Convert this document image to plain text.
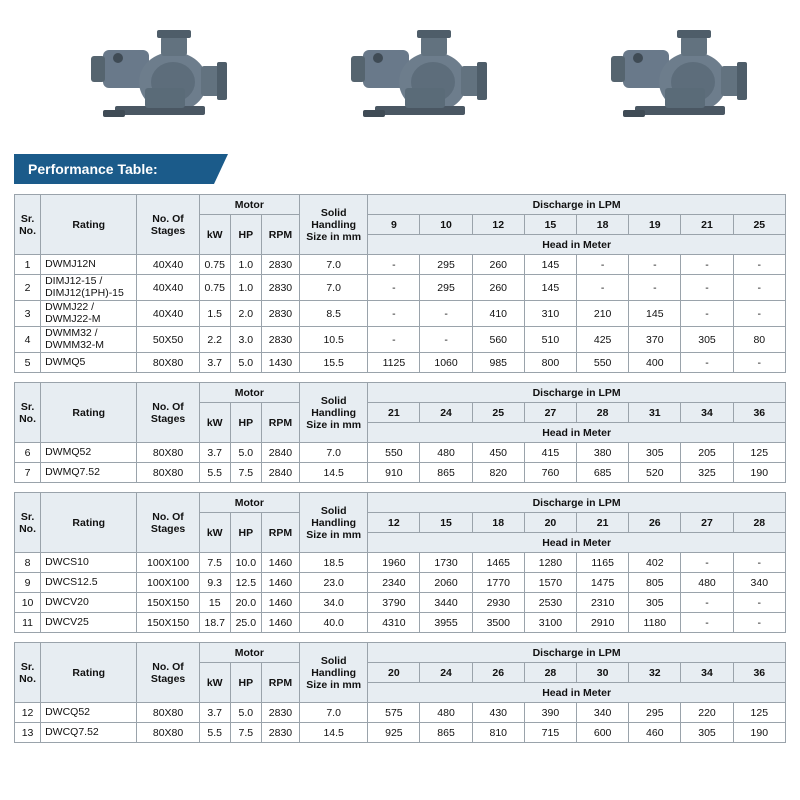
Performance Table:
Sr.
No.	Rating	No. Of
Stages	Motor			Solid
Handling
Size in mm	Discharge in LPM							
			kW	HP	RPM		9	10	12	15	18	19	21	25
							Head in Meter							
1	DWMJ12N	40X40	0.75	1.0	2830	7.0	-	295	260	145	-	-	-	-
2	DIMJ12-15 / DIMJ12(1PH)-15	40X40	0.75	1.0	2830	7.0	-	295	260	145	-	-	-	-
3	DWMJ22 / DWMJ22-M	40X40	1.5	2.0	2830	8.5	-	-	410	310	210	145	-	-
4	DWMM32 / DWMM32-M	50X50	2.2	3.0	2830	10.5	-	-	560	510	425	370	305	80
5	DWMQ5	80X80	3.7	5.0	1430	15.5	1125	1060	985	800	550	400	-	-
Sr.
No.	Rating	No. Of
Stages	Motor			Solid
Handling
Size in mm	Discharge in LPM							
			kW	HP	RPM		21	24	25	27	28	31	34	36
							Head in Meter							
6	DWMQ52	80X80	3.7	5.0	2840	7.0	550	480	450	415	380	305	205	125
7	DWMQ7.52	80X80	5.5	7.5	2840	14.5	910	865	820	760	685	520	325	190
Sr.
No.	Rating	No. Of
Stages	Motor			Solid
Handling
Size in mm	Discharge in LPM							
			kW	HP	RPM		12	15	18	20	21	26	27	28
							Head in Meter							
8	DWCS10	100X100	7.5	10.0	1460	18.5	1960	1730	1465	1280	1165	402	-	-
9	DWCS12.5	100X100	9.3	12.5	1460	23.0	2340	2060	1770	1570	1475	805	480	340
10	DWCV20	150X150	15	20.0	1460	34.0	3790	3440	2930	2530	2310	305	-	-
11	DWCV25	150X150	18.7	25.0	1460	40.0	4310	3955	3500	3100	2910	1180	-	-
Sr.
No.	Rating	No. Of
Stages	Motor			Solid
Handling
Size in mm	Discharge in LPM							
			kW	HP	RPM		20	24	26	28	30	32	34	36
							Head in Meter							
12	DWCQ52	80X80	3.7	5.0	2830	7.0	575	480	430	390	340	295	220	125
13	DWCQ7.52	80X80	5.5	7.5	2830	14.5	925	865	810	715	600	460	305	190
